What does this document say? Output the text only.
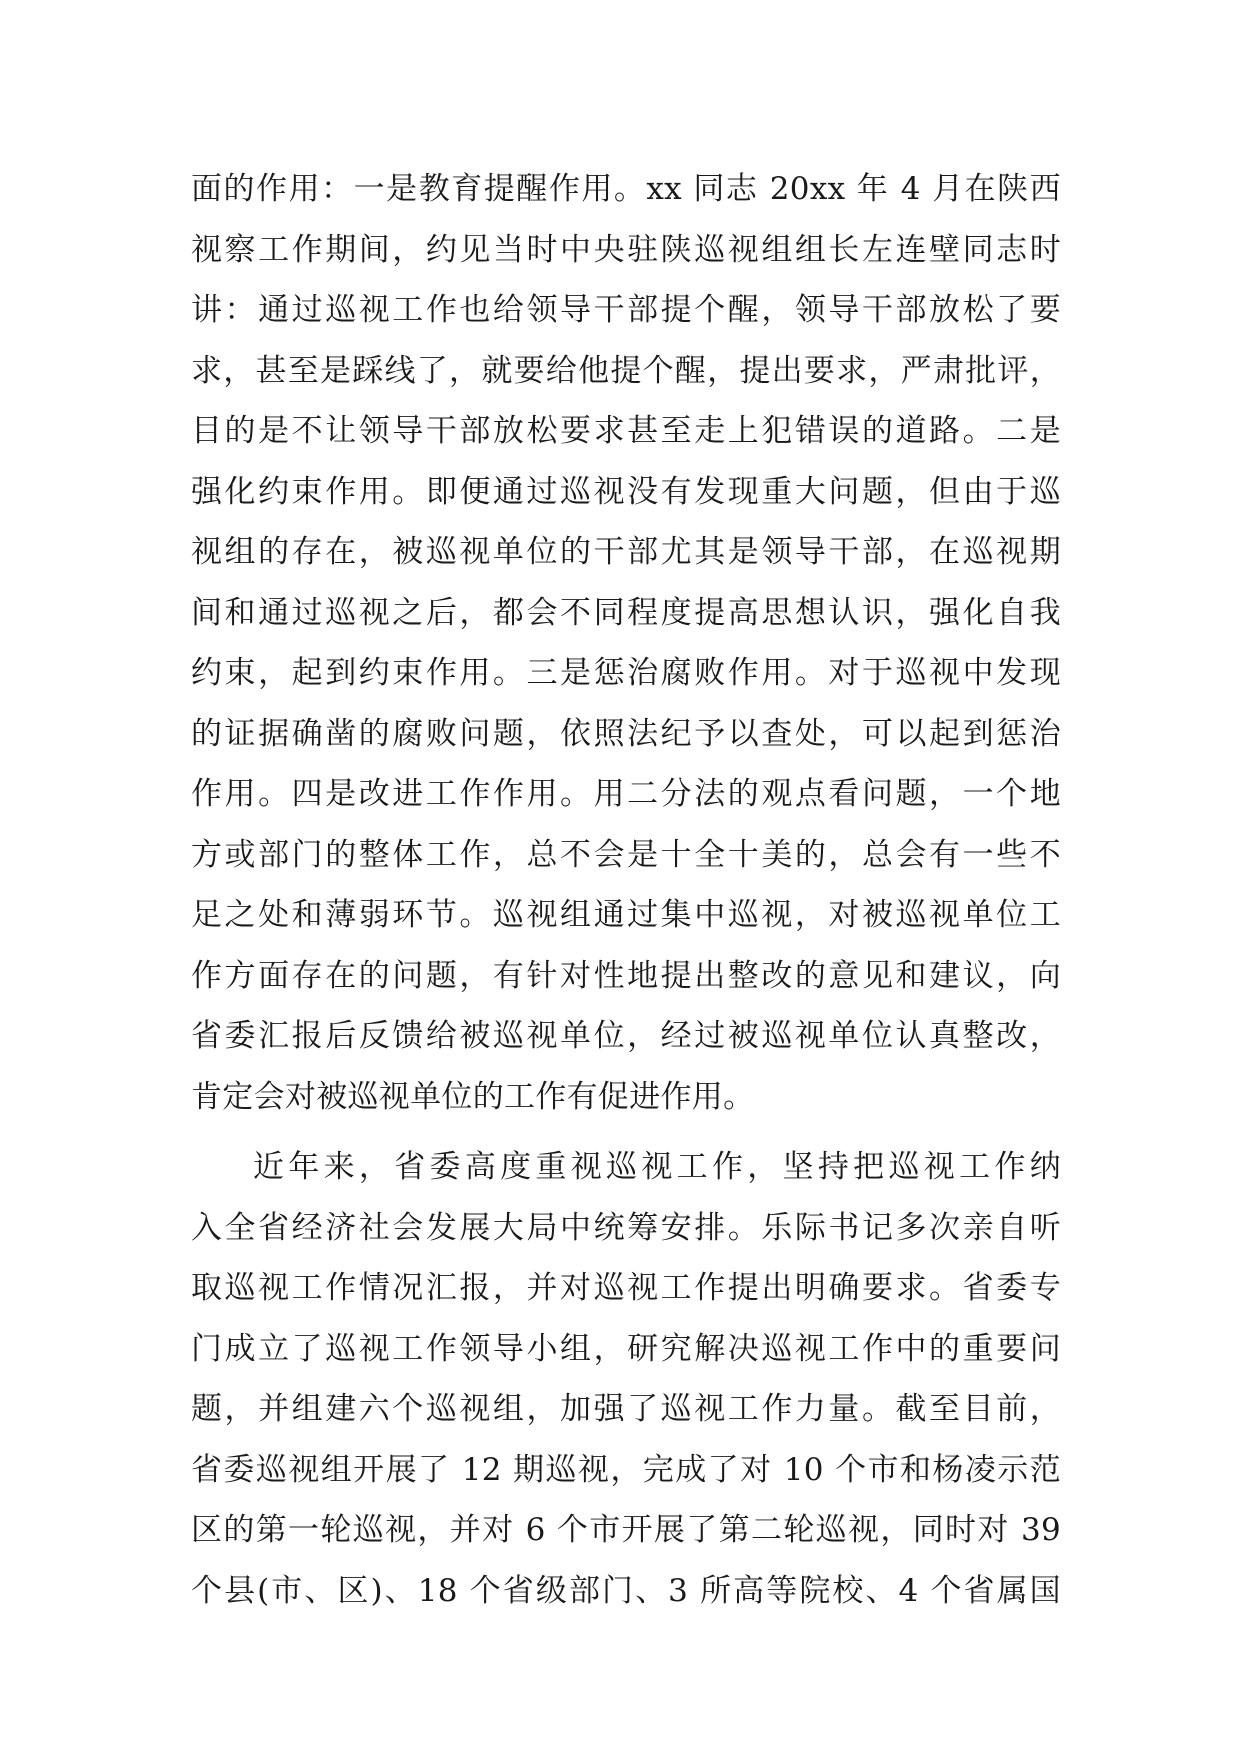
面的作用：一是教育提醒作用。xx 同志 20xx 年 4 月在陕西
视察工作期间，约见当时中央驻陕巡视组组长左连壁同志时
讲：通过巡视工作也给领导干部提个醒，领导干部放松了要
求，甚至是踩线了，就要给他提个醒，提出要求，严肃批评，
目的是不让领导干部放松要求甚至走上犯错误的道路。二是
强化约束作用。即便通过巡视没有发现重大问题，但由于巡
视组的存在，被巡视单位的干部尤其是领导干部，在巡视期
间和通过巡视之后，都会不同程度提高思想认识，强化自我
约束，起到约束作用。三是惩治腐败作用。对于巡视中发现
的证据确凿的腐败问题，依照法纪予以查处，可以起到惩治
作用。四是改进工作作用。用二分法的观点看问题，一个地
方或部门的整体工作，总不会是十全十美的，总会有一些不
足之处和薄弱环节。巡视组通过集中巡视，对被巡视单位工
作方面存在的问题，有针对性地提出整改的意见和建议，向
省委汇报后反馈给被巡视单位，经过被巡视单位认真整改，
肯定会对被巡视单位的工作有促进作用。
近年来，省委高度重视巡视工作，坚持把巡视工作纳
入全省经济社会发展大局中统筹安排。乐际书记多次亲自听
取巡视工作情况汇报，并对巡视工作提出明确要求。省委专
门成立了巡视工作领导小组，研究解决巡视工作中的重要问
题，并组建六个巡视组，加强了巡视工作力量。截至目前，
省委巡视组开展了 12 期巡视，完成了对 10 个市和杨凌示范
区的第一轮巡视，并对 6 个市开展了第二轮巡视，同时对 39
个县(市、区)、18 个省级部门、3 所高等院校、4 个省属国
